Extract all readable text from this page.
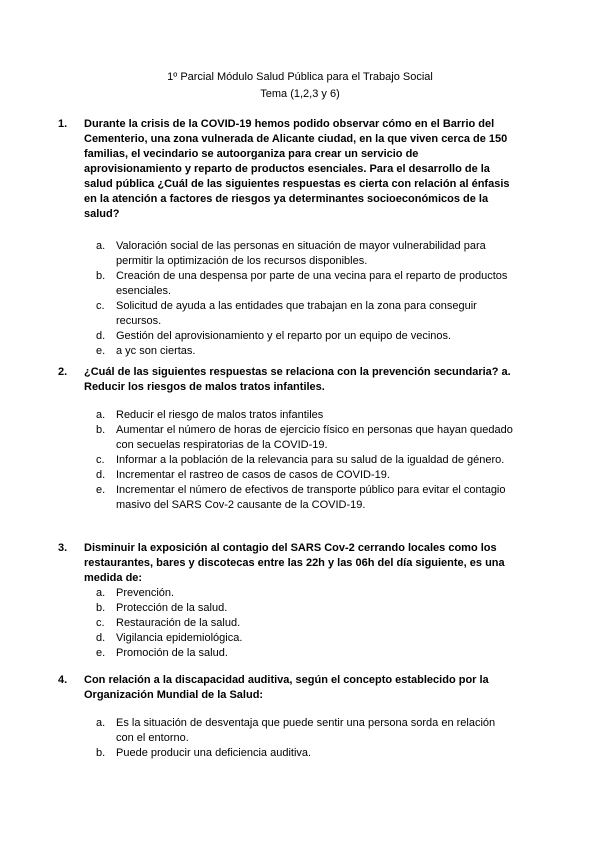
1º Parcial Módulo Salud Pública para el Trabajo Social
Tema (1,2,3 y 6)
1. Durante la crisis de la COVID-19 hemos podido observar cómo en el Barrio del Cementerio, una zona vulnerada de Alicante ciudad, en la que viven cerca de 150 familias, el vecindario se autoorganiza para crear un servicio de aprovisionamiento y reparto de productos esenciales. Para el desarrollo de la salud pública ¿Cuál de las siguientes respuestas es cierta con relación al énfasis en la atención a factores de riesgos ya determinantes socioeconómicos de la salud?
a. Valoración social de las personas en situación de mayor vulnerabilidad para permitir la optimización de los recursos disponibles.
b. Creación de una despensa por parte de una vecina para el reparto de productos esenciales.
c. Solicitud de ayuda a las entidades que trabajan en la zona para conseguir recursos.
d. Gestión del aprovisionamiento y el reparto por un equipo de vecinos.
e. a yc son ciertas.
2. ¿Cuál de las siguientes respuestas se relaciona con la prevención secundaria? a. Reducir los riesgos de malos tratos infantiles.
a. Reducir el riesgo de malos tratos infantiles
b. Aumentar el número de horas de ejercicio físico en personas que hayan quedado con secuelas respiratorias de la COVID-19.
c. Informar a la población de la relevancia para su salud de la igualdad de género.
d. Incrementar el rastreo de casos de casos de COVID-19.
e. Incrementar el número de efectivos de transporte público para evitar el contagio masivo del SARS Cov-2 causante de la COVID-19.
3. Disminuir la exposición al contagio del SARS Cov-2 cerrando locales como los restaurantes, bares y discotecas entre las 22h y las 06h del día siguiente, es una medida de:
a. Prevención.
b. Protección de la salud.
c. Restauración de la salud.
d. Vigilancia epidemiológica.
e. Promoción de la salud.
4. Con relación a la discapacidad auditiva, según el concepto establecido por la Organización Mundial de la Salud:
a. Es la situación de desventaja que puede sentir una persona sorda en relación con el entorno.
b. Puede producir una deficiencia auditiva.
